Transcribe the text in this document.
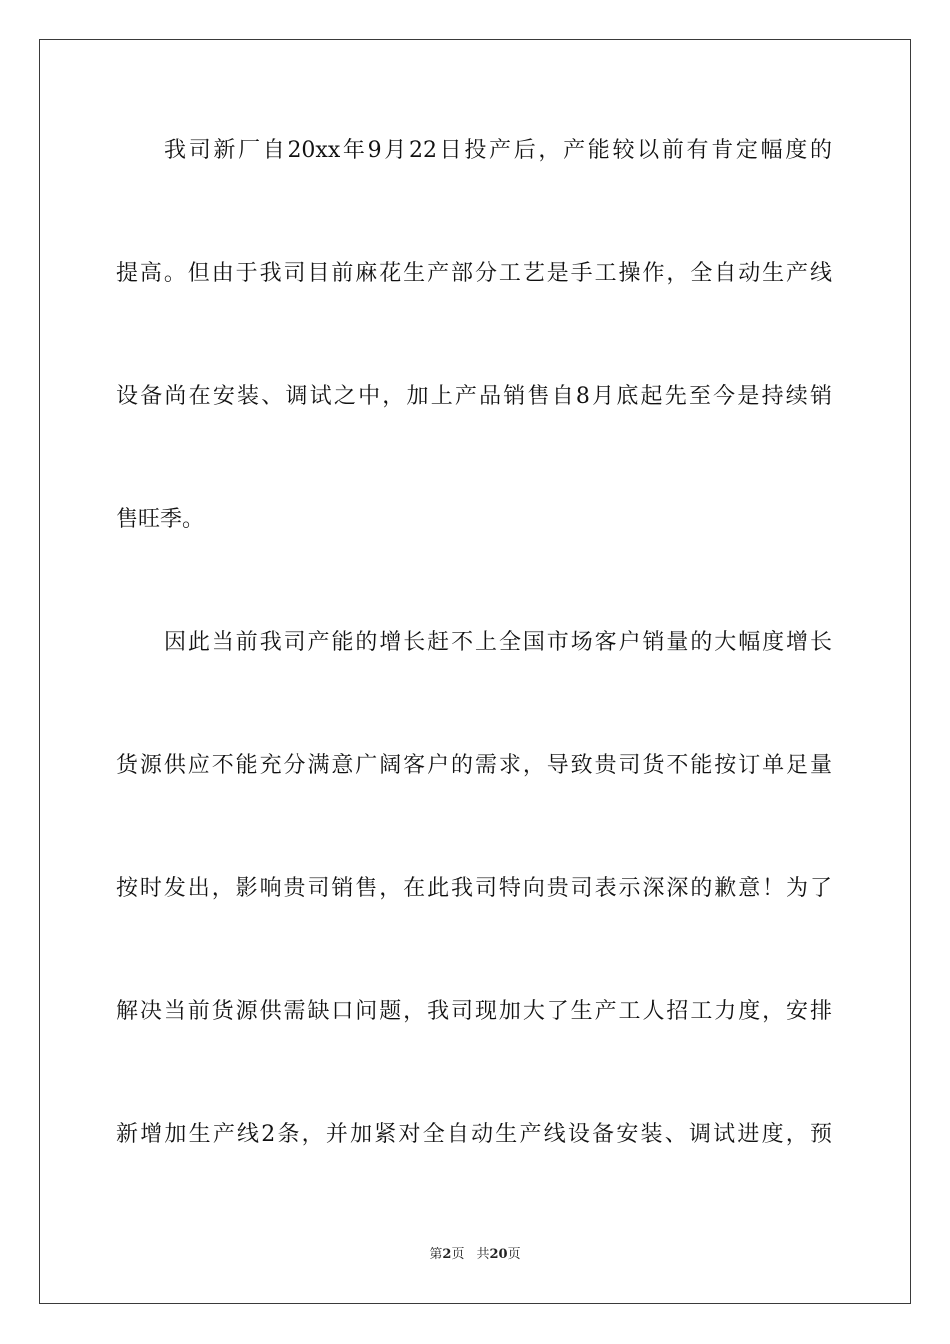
我司新厂自20xx年9月22日投产后，产能较以前有肯定幅度的
提高。但由于我司目前麻花生产部分工艺是手工操作，全自动生产线
设备尚在安装、调试之中，加上产品销售自8月底起先至今是持续销
售旺季。
因此当前我司产能的增长赶不上全国市场客户销量的大幅度增长
货源供应不能充分满意广阔客户的需求，导致贵司货不能按订单足量
按时发出，影响贵司销售，在此我司特向贵司表示深深的歉意！为了
解决当前货源供需缺口问题，我司现加大了生产工人招工力度，安排
新增加生产线2条，并加紧对全自动生产线设备安装、调试进度，预
第2页 共20页
